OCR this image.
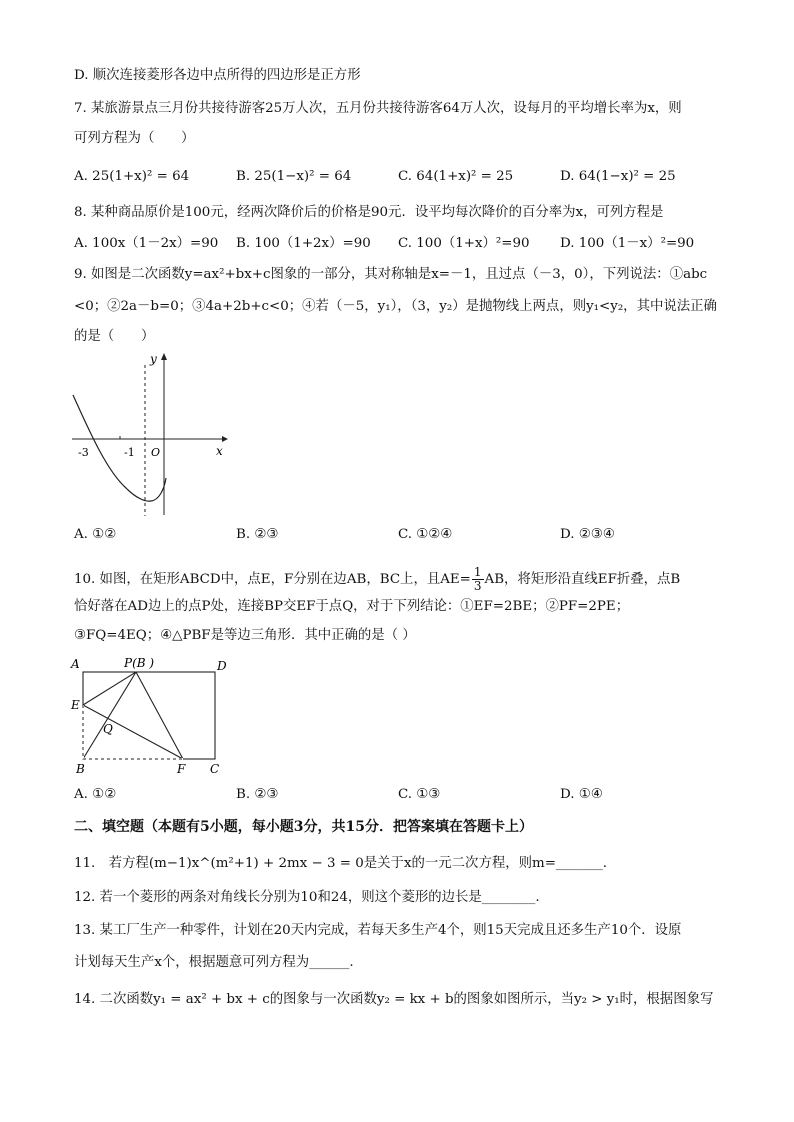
D. 顺次连接菱形各边中点所得的四边形是正方形
7. 某旅游景点三月份共接待游客25万人次，五月份共接待游客64万人次，设每月的平均增长率为x，则
可列方程为（　　）
A. 25(1+x)² = 64	B. 25(1−x)² = 64	C. 64(1+x)² = 25	D. 64(1−x)² = 25
8. 某种商品原价是100元，经两次降价后的价格是90元．设平均每次降价的百分率为x，可列方程是
A. 100x（1－2x）=90 B. 100（1+2x）=90 C. 100（1+x）²=90 D. 100（1－x）²=90
9. 如图是二次函数y=ax²+bx+c图象的一部分，其对称轴是x=－1，且过点（－3，0），下列说法：①abc
<0；②2a－b=0；③4a+2b+c<0；④若（－5，y₁），（3，y₂）是抛物线上两点，则y₁<y₂，其中说法正确
的是（　　）
y
x
-3	-1 O
A. ①②	B. ②③	C. ①②④	D. ②③④
10. 如图，在矩形ABCD中，点E，F分别在边AB，BC上，且$AE= \frac{1}{3}$ AB，将矩形沿直线EF折叠，点B
恰好落在AD边上的点P处，连接BP交EF于点Q，对于下列结论：①EF=2BE；②PF=2PE；
③FQ=4EQ；④△PBF是等边三角形．其中正确的是（ ）
A	P(B )	D
E
Q
B	F C
A. ①②	B. ②③	C. ①③	D. ①④
二、填空题（本题有5小题，每小题3分，共15分．把答案填在答题卡上）
11.　若方程(m−1)x^(m²+1) + 2mx − 3 = 0是关于x的一元二次方程，则m=_______.
12. 若一个菱形的两条对角线长分别为10和24，则这个菱形的边长是________.
13. 某工厂生产一种零件，计划在20天内完成，若每天多生产4个，则15天完成且还多生产10个．设原
计划每天生产x个，根据题意可列方程为______.
14. 二次函数y₁ = ax² + bx + c的图象与一次函数y₂ = kx + b的图象如图所示，当y₂ > y₁时，根据图象写
